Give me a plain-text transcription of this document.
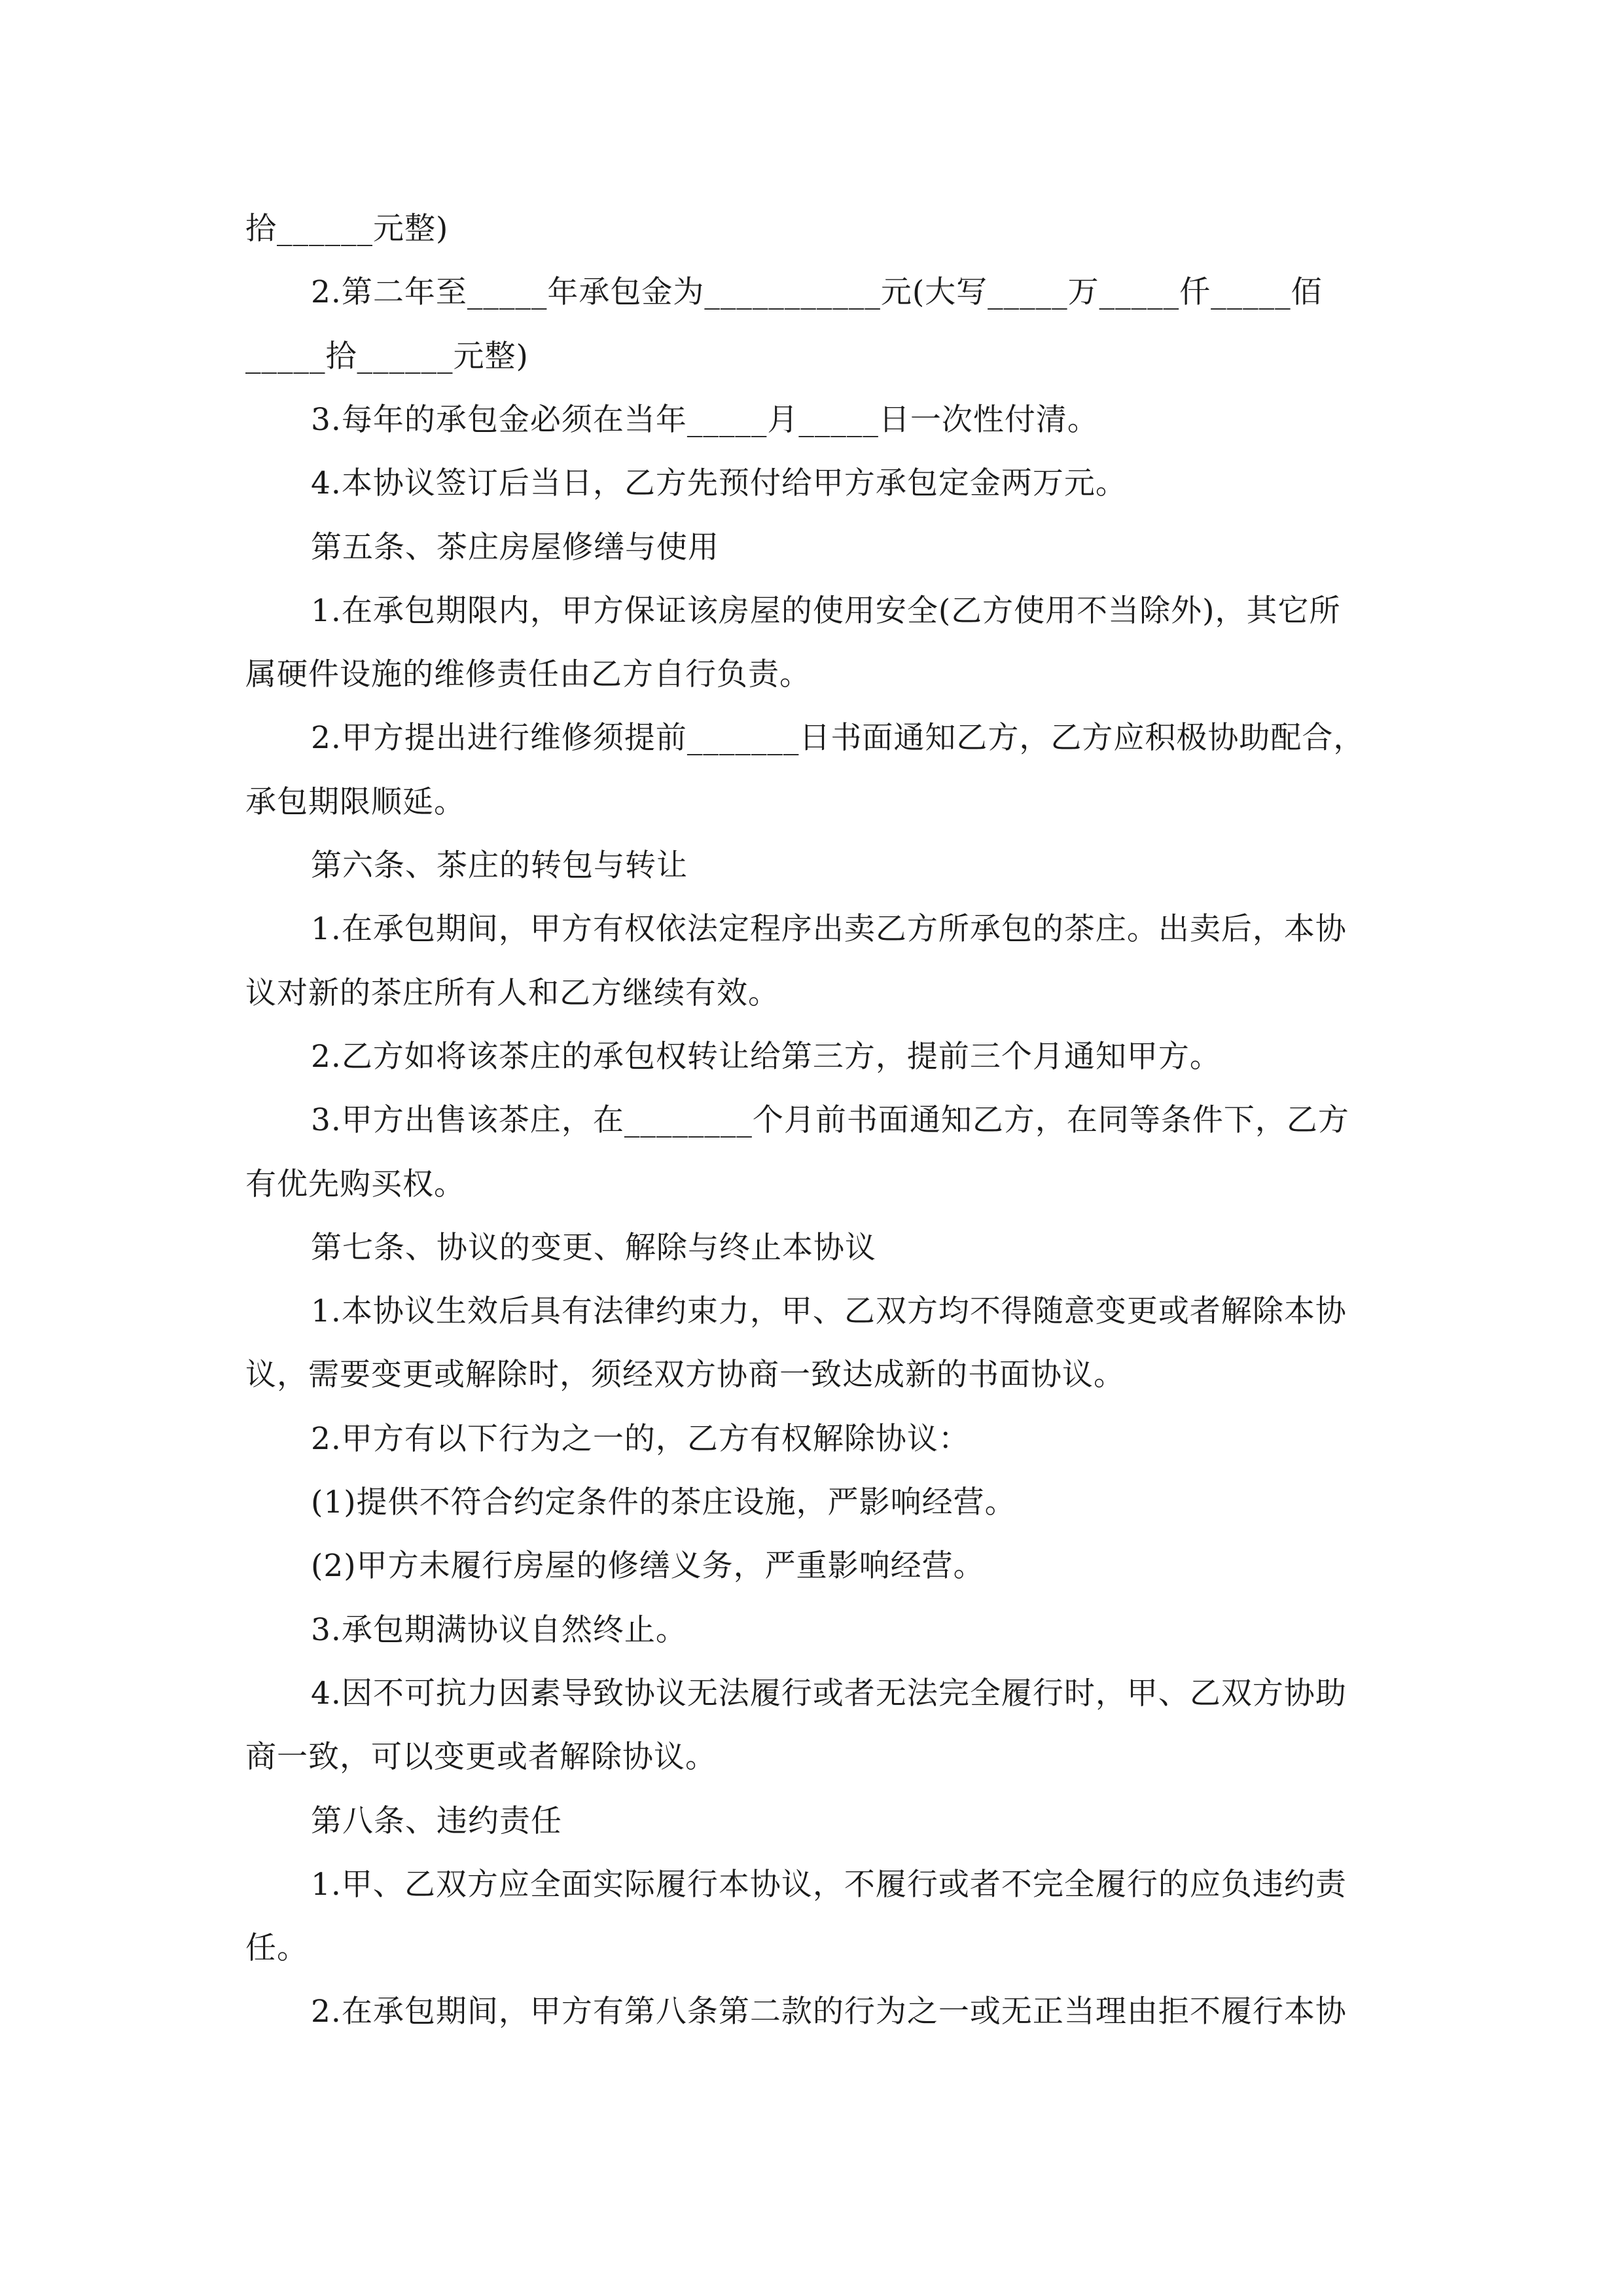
拾______元整)
2.第二年至_____年承包金为___________元(大写_____万_____仟_____佰
_____拾______元整)
3.每年的承包金必须在当年_____月_____日一次性付清。
4.本协议签订后当日，乙方先预付给甲方承包定金两万元。
第五条、茶庄房屋修缮与使用
1.在承包期限内，甲方保证该房屋的使用安全(乙方使用不当除外)，其它所
属硬件设施的维修责任由乙方自行负责。
2.甲方提出进行维修须提前_______日书面通知乙方，乙方应积极协助配合，
承包期限顺延。
第六条、茶庄的转包与转让
1.在承包期间，甲方有权依法定程序出卖乙方所承包的茶庄。出卖后，本协
议对新的茶庄所有人和乙方继续有效。
2.乙方如将该茶庄的承包权转让给第三方，提前三个月通知甲方。
3.甲方出售该茶庄，在________个月前书面通知乙方，在同等条件下，乙方
有优先购买权。
第七条、协议的变更、解除与终止本协议
1.本协议生效后具有法律约束力，甲、乙双方均不得随意变更或者解除本协
议，需要变更或解除时，须经双方协商一致达成新的书面协议。
2.甲方有以下行为之一的，乙方有权解除协议：
(1)提供不符合约定条件的茶庄设施，严影响经营。
(2)甲方未履行房屋的修缮义务，严重影响经营。
3.承包期满协议自然终止。
4.因不可抗力因素导致协议无法履行或者无法完全履行时，甲、乙双方协助
商一致，可以变更或者解除协议。
第八条、违约责任
1.甲、乙双方应全面实际履行本协议，不履行或者不完全履行的应负违约责
任。
2.在承包期间，甲方有第八条第二款的行为之一或无正当理由拒不履行本协
